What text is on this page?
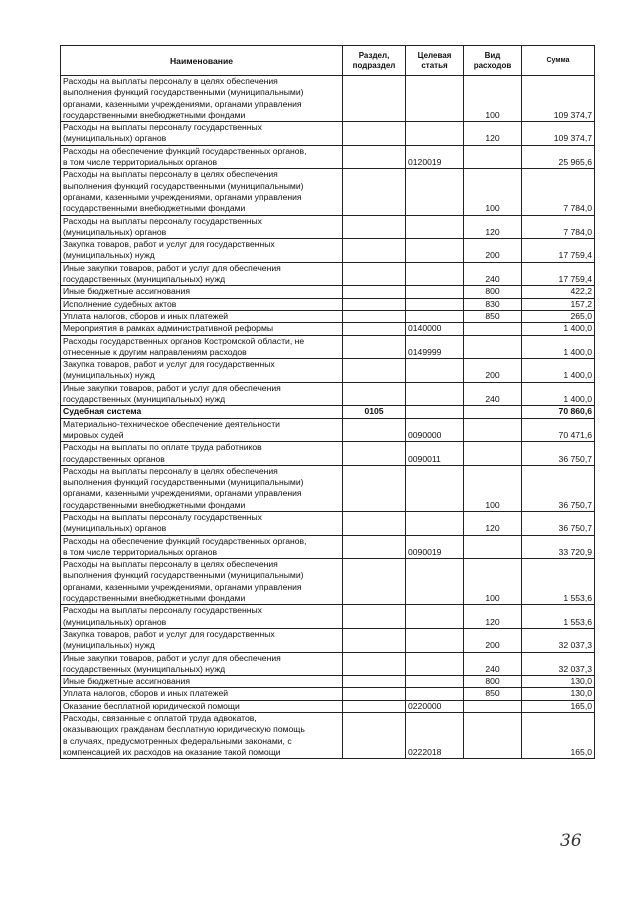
Наименование	Раздел, подраздел	Целевая статья	Вид расходов	Сумма

Расходы на выплаты персоналу в целях обеспечения
выполнения функций государственными (муниципальными)
органами, казенными учреждениями, органами управления
государственными внебюджетными фондами			100	109 374,7

Расходы на выплаты персоналу государственных
(муниципальных) органов			120	109 374,7

Расходы на обеспечение функций государственных органов,
в том числе территориальных органов		0120019		25 965,6

Расходы на выплаты персоналу в целях обеспечения
выполнения функций государственными (муниципальными)
органами, казенными учреждениями, органами управления
государственными внебюджетными фондами			100	7 784,0

Расходы на выплаты персоналу государственных
(муниципальных) органов			120	7 784,0

Закупка товаров, работ и услуг для государственных
(муниципальных) нужд			200	17 759,4

Иные закупки товаров, работ и услуг для обеспечения
государственных (муниципальных) нужд			240	17 759,4

Иные бюджетные ассигнования			800	422,2

Исполнение судебных актов			830	157,2

Уплата налогов, сборов и иных платежей			850	265,0

Мероприятия в рамках административной реформы		0140000		1 400,0

Расходы государственных органов Костромской области, не
отнесенные к другим направлениям расходов		0149999		1 400,0

Закупка товаров, работ и услуг для государственных
(муниципальных) нужд			200	1 400,0

Иные закупки товаров, работ и услуг для обеспечения
государственных (муниципальных) нужд			240	1 400,0

Судебная система	0105			70 860,6

Материально-техническое обеспечение деятельности
мировых судей		0090000		70 471,6

Расходы на выплаты по оплате труда работников
государственных органов		0090011		36 750,7

Расходы на выплаты персоналу в целях обеспечения
выполнения функций государственными (муниципальными)
органами, казенными учреждениями, органами управления
государственными внебюджетными фондами			100	36 750,7

Расходы на выплаты персоналу государственных
(муниципальных) органов			120	36 750,7

Расходы на обеспечение функций государственных органов,
в том числе территориальных органов		0090019		33 720,9

Расходы на выплаты персоналу в целях обеспечения
выполнения функций государственными (муниципальными)
органами, казенными учреждениями, органами управления
государственными внебюджетными фондами			100	1 553,6

Расходы на выплаты персоналу государственных
(муниципальных) органов			120	1 553,6

Закупка товаров, работ и услуг для государственных
(муниципальных) нужд			200	32 037,3

Иные закупки товаров, работ и услуг для обеспечения
государственных (муниципальных) нужд			240	32 037,3

Иные бюджетные ассигнования			800	130,0

Уплата налогов, сборов и иных платежей			850	130,0

Оказание бесплатной юридической помощи		0220000		165,0

Расходы, связанные с оплатой труда адвокатов,
оказывающих гражданам бесплатную юридическую помощь
в случаях, предусмотренных федеральными законами, с
компенсацией их расходов на оказание такой помощи		0222018		165,0
36
